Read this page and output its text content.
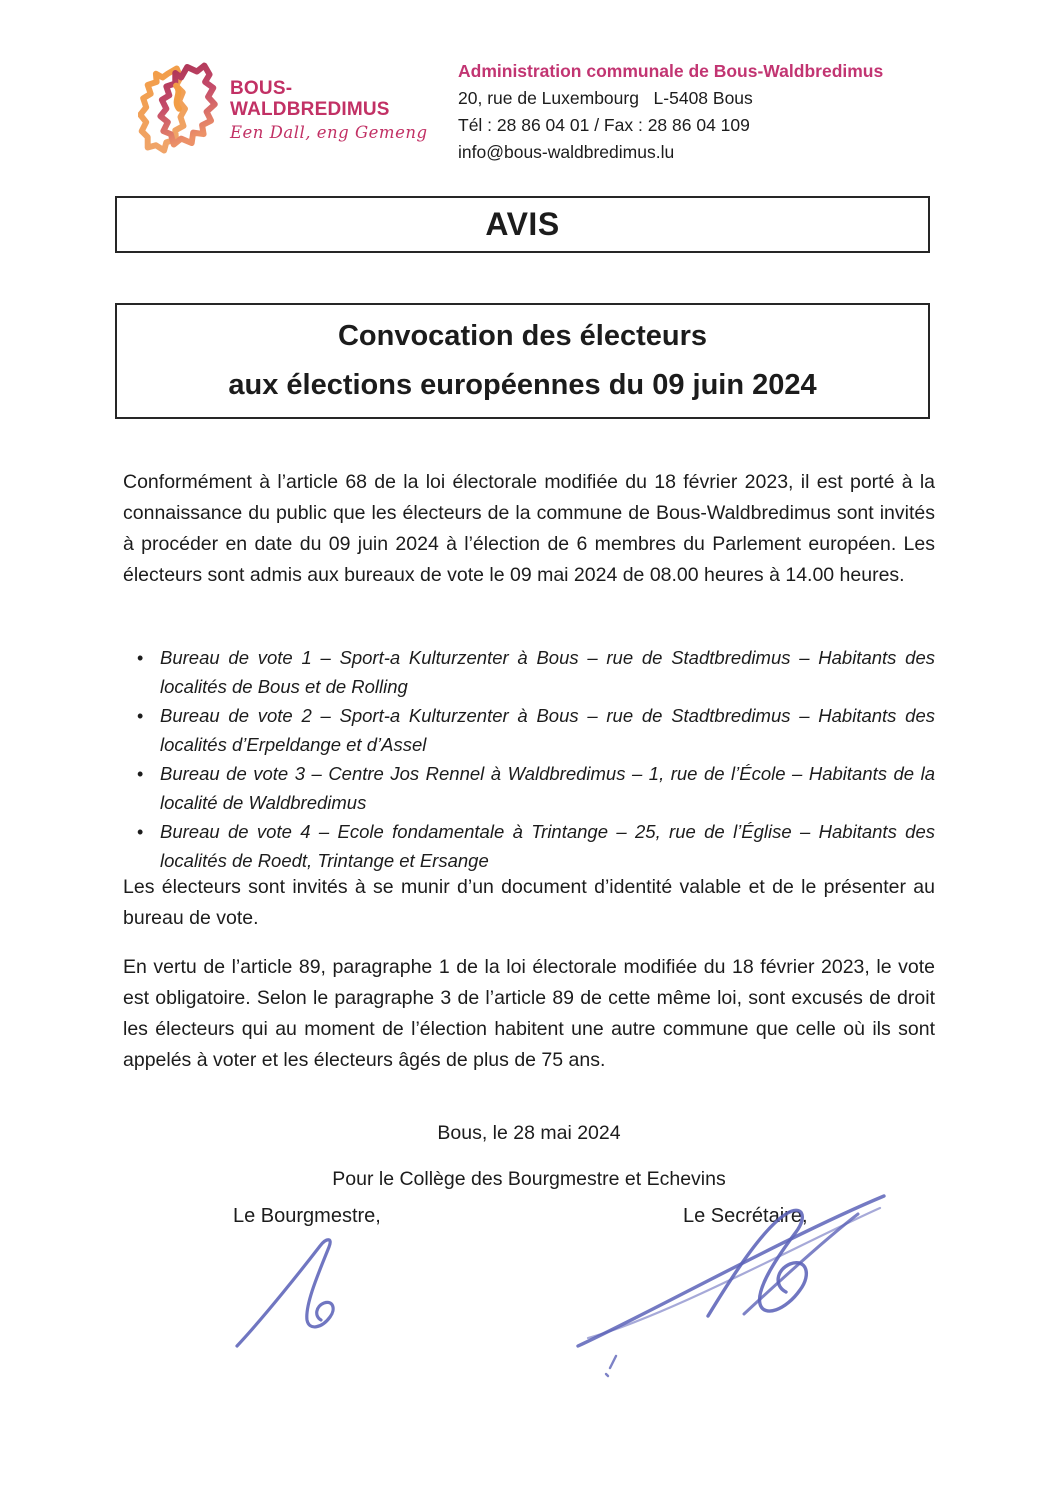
BOUS-
WALDBREDIMUS
Een Dall, eng Gemeng
Administration communale de Bous-Waldbredimus
20, rue de Luxembourg   L-5408 Bous
Tél : 28 86 04 01 / Fax : 28 86 04 109
info@bous-waldbredimus.lu
AVIS
Convocation des électeurs
aux élections européennes du 09 juin 2024
Conformément à l’article 68 de la loi électorale modifiée du 18 février 2023, il est porté à la connaissance du public que les électeurs de la commune de Bous-Waldbredimus sont invités à procéder en date du 09 juin 2024 à l’élection de 6 membres du Parlement européen. Les électeurs sont admis aux bureaux de vote le 09 mai 2024 de 08.00 heures à 14.00 heures.
• Bureau de vote 1 – Sport-a Kulturzenter à Bous – rue de Stadtbredimus – Habitants des localités de Bous et de Rolling
• Bureau de vote 2 – Sport-a Kulturzenter à Bous – rue de Stadtbredimus – Habitants des localités d’Erpeldange et d’Assel
• Bureau de vote 3 – Centre Jos Rennel à Waldbredimus – 1, rue de l’École – Habitants de la localité de Waldbredimus
• Bureau de vote 4 – Ecole fondamentale à Trintange – 25, rue de l’Église – Habitants des localités de Roedt, Trintange et Ersange
Les électeurs sont invités à se munir d’un document d’identité valable et de le présenter au bureau de vote.
En vertu de l’article 89, paragraphe 1 de la loi électorale modifiée du 18 février 2023, le vote est obligatoire. Selon le paragraphe 3 de l’article 89 de cette même loi, sont excusés de droit les électeurs qui au moment de l’élection habitent une autre commune que celle où ils sont appelés à voter et les électeurs âgés de plus de 75 ans.
Bous, le 28 mai 2024
Pour le Collège des Bourgmestre et Echevins
Le Bourgmestre,	Le Secrétaire,
